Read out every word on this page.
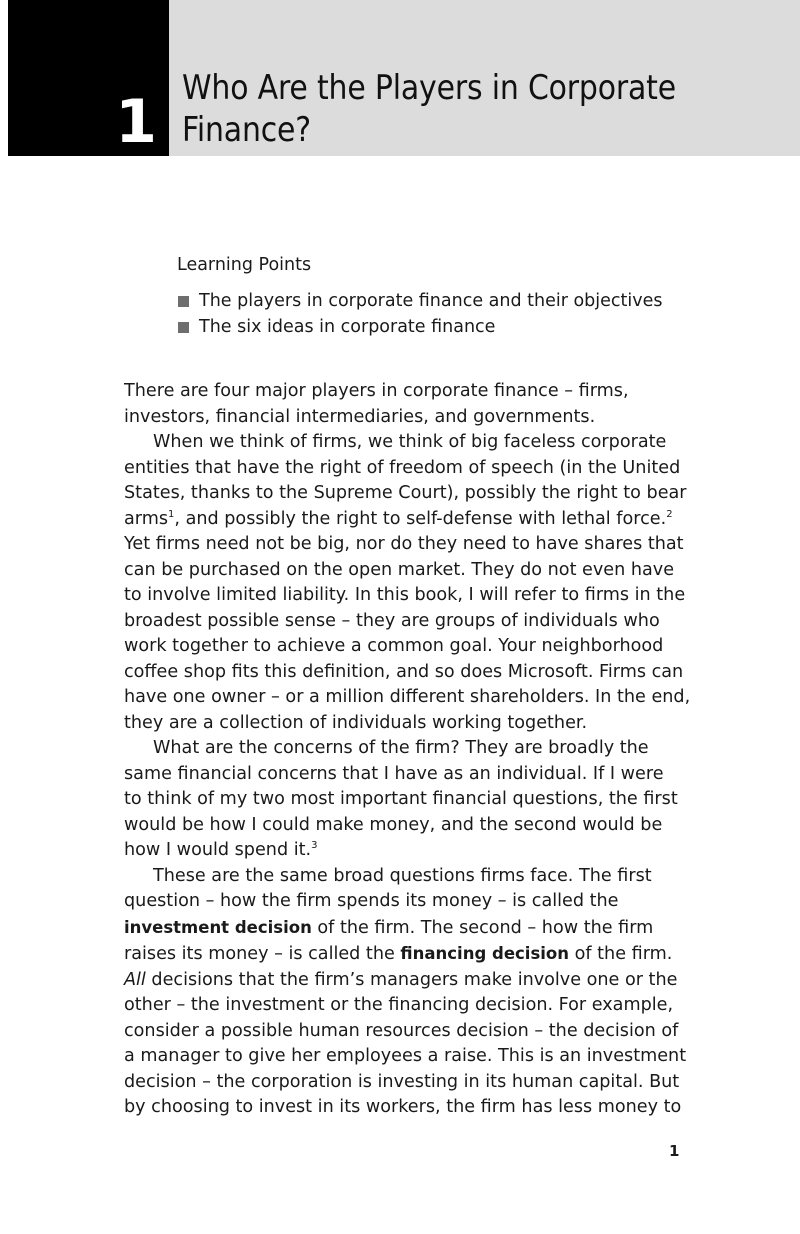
1 Who Are the Players in Corporate
Finance?
Learning Points
The players in corporate finance and their objectives
The six ideas in corporate finance

There are four major players in corporate finance – firms,
investors, financial intermediaries, and governments.

When we think of firms, we think of big faceless corporate
entities that have the right of freedom of speech (in the United
States, thanks to the Supreme Court), possibly the right to bear
arms$^1$, and possibly the right to self-defense with lethal force.$^2$
Yet firms need not be big, nor do they need to have shares that
can be purchased on the open market. They do not even have
to involve limited liability. In this book, I will refer to firms in the
broadest possible sense – they are groups of individuals who
work together to achieve a common goal. Your neighborhood
coffee shop fits this definition, and so does Microsoft. Firms can
have one owner – or a million different shareholders. In the end,
they are a collection of individuals working together.

What are the concerns of the firm? They are broadly the
same financial concerns that I have as an individual. If I were
to think of my two most important financial questions, the first
would be how I could make money, and the second would be
how I would spend it.$^3$

These are the same broad questions firms face. The first
question – how the firm spends its money – is called the
investment decision of the firm. The second – how the firm
raises its money – is called the financing decision of the firm.
All decisions that the firm’s managers make involve one or the
other – the investment or the financing decision. For example,
consider a possible human resources decision – the decision of
a manager to give her employees a raise. This is an investment
decision – the corporation is investing in its human capital. But
by choosing to invest in its workers, the firm has less money to

1
